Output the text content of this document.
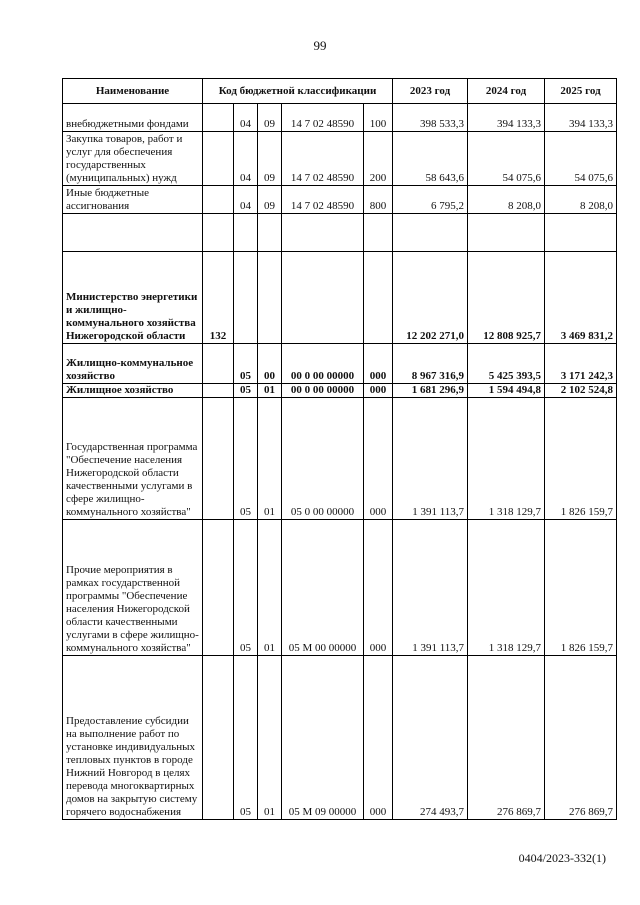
99
Наименование	Код бюджетной классификации					2023 год	2024 год	2025 год
внебюджетными фондами		04	09	14 7 02 48590	100	398 533,3	394 133,3	394 133,3
Закупка товаров, работ и услуг для обеспечения государственных (муниципальных) нужд		04	09	14 7 02 48590	200	58 643,6	54 075,6	54 075,6
Иные бюджетные ассигнования		04	09	14 7 02 48590	800	6 795,2	8 208,0	8 208,0

Министерство энергетики и жилищно-коммунального хозяйства Нижегородской области	132					12 202 271,0	12 808 925,7	3 469 831,2
Жилищно-коммунальное хозяйство		05	00	00 0 00 00000	000	8 967 316,9	5 425 393,5	3 171 242,3
Жилищное хозяйство		05	01	00 0 00 00000	000	1 681 296,9	1 594 494,8	2 102 524,8
Государственная программа "Обеспечение населения Нижегородской области качественными услугами в сфере жилищно-коммунального хозяйства"		05	01	05 0 00 00000	000	1 391 113,7	1 318 129,7	1 826 159,7
Прочие мероприятия в рамках государственной программы "Обеспечение населения Нижегородской области качественными услугами в сфере жилищно-коммунального хозяйства"		05	01	05 М 00 00000	000	1 391 113,7	1 318 129,7	1 826 159,7
Предоставление субсидии на выполнение работ по установке индивидуальных тепловых пунктов в городе Нижний Новгород в целях перевода многоквартирных домов на закрытую систему горячего водоснабжения		05	01	05 М 09 00000	000	274 493,7	276 869,7	276 869,7
0404/2023-332(1)
